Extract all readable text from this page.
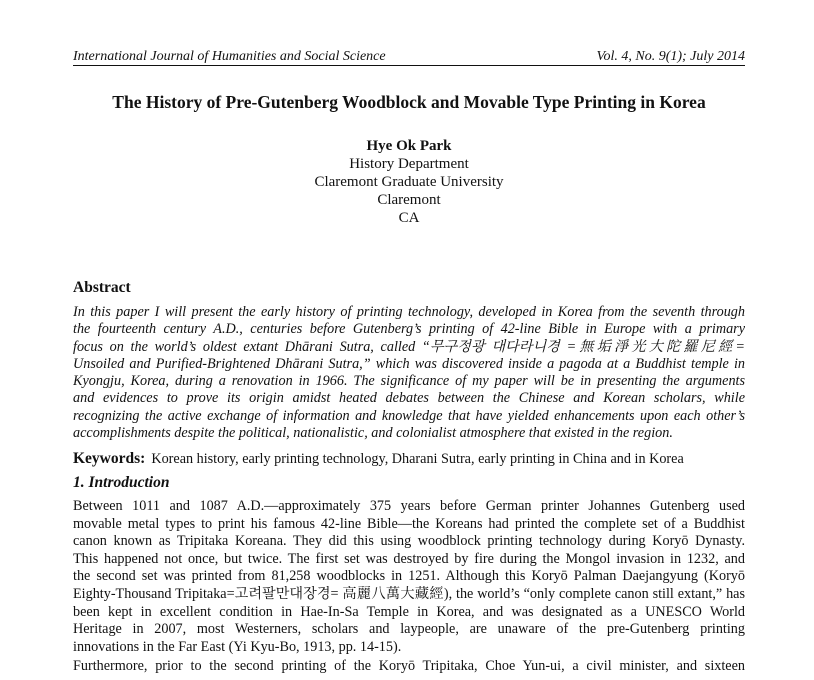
International Journal of Humanities and Social Science	Vol. 4, No. 9(1); July 2014
The History of Pre-Gutenberg Woodblock and Movable Type Printing in Korea
Hye Ok Park
History Department
Claremont Graduate University
Claremont
CA
Abstract
In this paper I will present the early history of printing technology, developed in Korea from the seventh through
the fourteenth century A.D., centuries before Gutenberg’s printing of 42-line Bible in Europe with a primary
focus on the world’s oldest extant Dhārani Sutra, called “무구정광 대다라니경 =無垢淨光大陀羅尼經=
Unsoiled and Purified-Brightened Dhārani Sutra,” which was discovered inside a pagoda at a Buddhist temple in
Kyongju, Korea, during a renovation in 1966. The significance of my paper will be in presenting the arguments
and evidences to prove its origin amidst heated debates between the Chinese and Korean scholars, while
recognizing the active exchange of information and knowledge that have yielded enhancements upon each other’s
accomplishments despite the political, nationalistic, and colonialist atmosphere that existed in the region.
Keywords: Korean history, early printing technology, Dharani Sutra, early printing in China and in Korea
1. Introduction
Between 1011 and 1087 A.D.—approximately 375 years before German printer Johannes Gutenberg used
movable metal types to print his famous 42-line Bible—the Koreans had printed the complete set of a Buddhist
canon known as Tripitaka Koreana. They did this using woodblock printing technology during Koryō Dynasty.
This happened not once, but twice. The first set was destroyed by fire during the Mongol invasion in 1232, and
the second set was printed from 81,258 woodblocks in 1251. Although this Koryō Palman Daejangyung (Koryō
Eighty-Thousand Tripitaka=고려팔만대장경= 高麗八萬大藏經), the world’s “only complete canon still extant,” has
been kept in excellent condition in Hae-In-Sa Temple in Korea, and was designated as a UNESCO World
Heritage in 2007, most Westerners, scholars and laypeople, are unaware of the pre-Gutenberg printing
innovations in the Far East (Yi Kyu-Bo, 1913, pp. 14-15).
Furthermore, prior to the second printing of the Koryō Tripitaka, Choe Yun-ui, a civil minister, and sixteen
